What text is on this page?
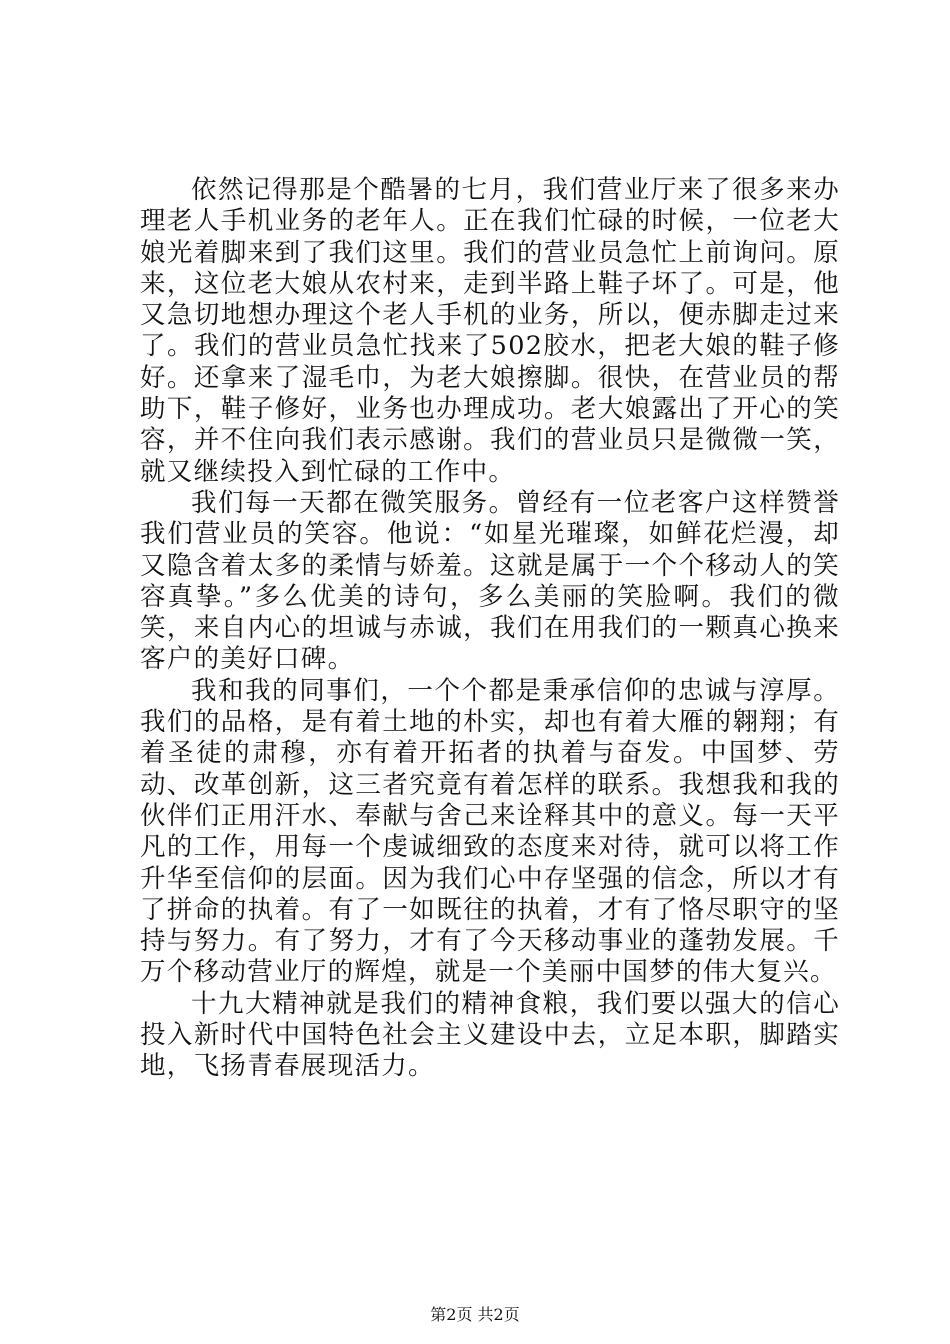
依然记得那是个酷暑的七月，我们营业厅来了很多来办理老人手机业务的老年人。正在我们忙碌的时候，一位老大娘光着脚来到了我们这里。我们的营业员急忙上前询问。原来，这位老大娘从农村来，走到半路上鞋子坏了。可是，他又急切地想办理这个老人手机的业务，所以，便赤脚走过来了。我们的营业员急忙找来了502胶水，把老大娘的鞋子修好。还拿来了湿毛巾，为老大娘擦脚。很快，在营业员的帮助下，鞋子修好，业务也办理成功。老大娘露出了开心的笑容，并不住向我们表示感谢。我们的营业员只是微微一笑，就又继续投入到忙碌的工作中。

我们每一天都在微笑服务。曾经有一位老客户这样赞誉我们营业员的笑容。他说：“如星光璀璨，如鲜花烂漫，却又隐含着太多的柔情与娇羞。这就是属于一个个移动人的笑容真挚。”多么优美的诗句，多么美丽的笑脸啊。我们的微笑，来自内心的坦诚与赤诚，我们在用我们的一颗真心换来客户的美好口碑。

我和我的同事们，一个个都是秉承信仰的忠诚与淳厚。我们的品格，是有着土地的朴实，却也有着大雁的翱翔；有着圣徒的肃穆，亦有着开拓者的执着与奋发。中国梦、劳动、改革创新，这三者究竟有着怎样的联系。我想我和我的伙伴们正用汗水、奉献与舍己来诠释其中的意义。每一天平凡的工作，用每一个虔诚细致的态度来对待，就可以将工作升华至信仰的层面。因为我们心中存坚强的信念，所以才有了拼命的执着。有了一如既往的执着，才有了恪尽职守的坚持与努力。有了努力，才有了今天移动事业的蓬勃发展。千万个移动营业厅的辉煌，就是一个美丽中国梦的伟大复兴。

十九大精神就是我们的精神食粮，我们要以强大的信心投入新时代中国特色社会主义建设中去，立足本职，脚踏实地，飞扬青春展现活力。

第2页 共2页
